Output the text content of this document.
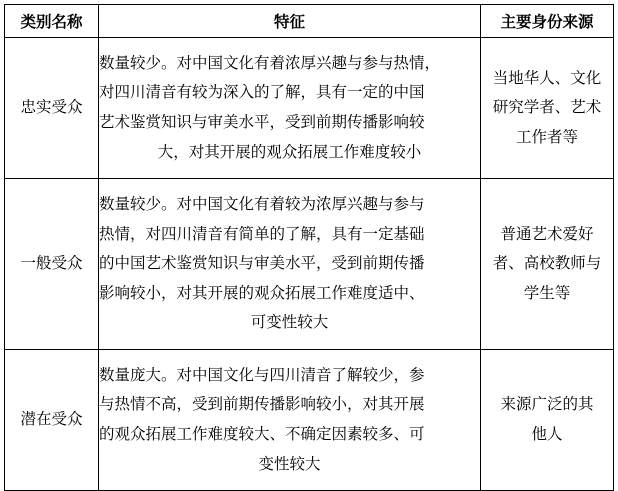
类别名称	特征	主要身份来源
忠实受众	数量较少。对中国文化有着浓厚兴趣与参与热情，
对四川清音有较为深入的了解，具有一定的中国
艺术鉴赏知识与审美水平，受到前期传播影响较
大，对其开展的观众拓展工作难度较小	当地华人、文化
研究学者、艺术
工作者等

一般受众	数量较少。对中国文化有着较为浓厚兴趣与参与
热情，对四川清音有简单的了解，具有一定基础
的中国艺术鉴赏知识与审美水平，受到前期传播
影响较小，对其开展的观众拓展工作难度适中、
可变性较大	普通艺术爱好
者、高校教师与
学生等

潜在受众	数量庞大。对中国文化与四川清音了解较少，参
与热情不高，受到前期传播影响较小，对其开展
的观众拓展工作难度较大、不确定因素较多、可
变性较大	来源广泛的其
他人
